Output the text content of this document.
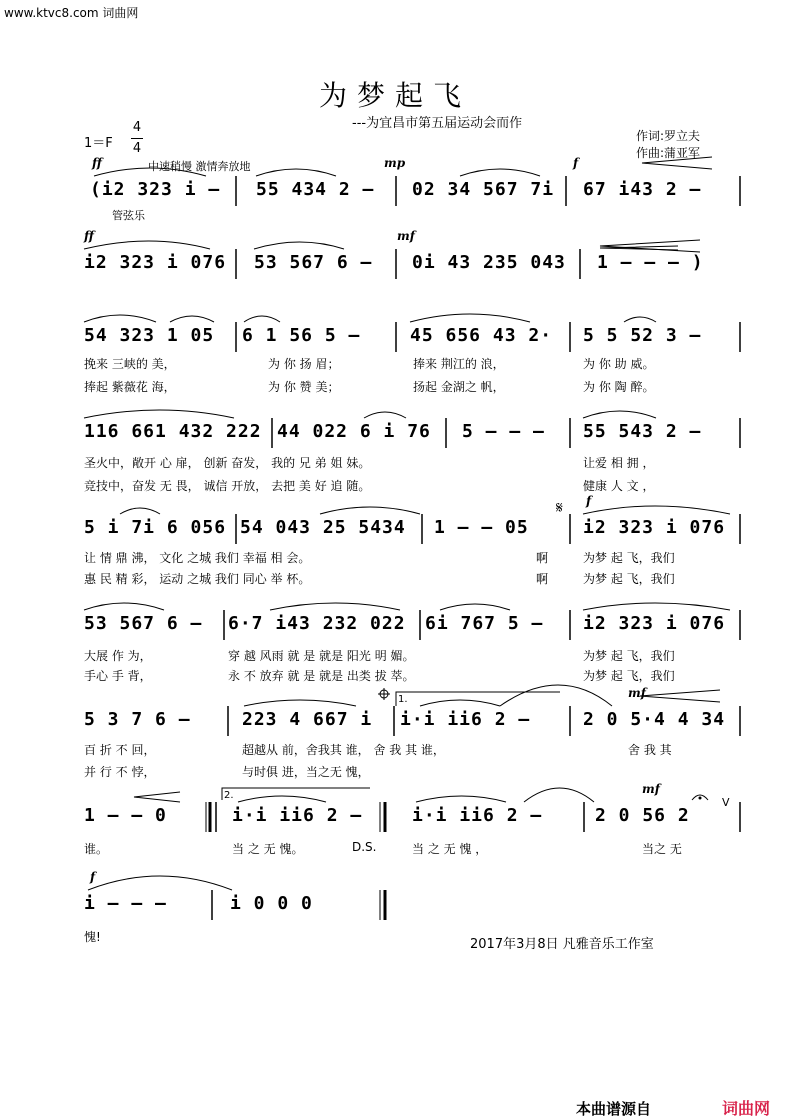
www.ktvc8.com 词曲网
为梦起飞
---为宜昌市第五届运动会而作
作词:罗立夫
作曲:蒲亚军
1＝F
4
4
中速稍慢 激情奔放地
管弦乐
ff	mp	f
(i2 323 i – 55 434 2 – 02 34 567 7i 67 i43 2 –
ff	mf
i2 323 i 076 53 567 6 – 0i 43 235 043 1 – – – )
54 323 1 05 6 1 56 5 –	45 656 43 2· 5 5 52 3 –
挽来 三峡的 美，	为 你 扬 眉；	捧来 荆江的 浪，	为 你 助 威。
捧起 紫薇花 海，	为 你 赞 美；	扬起 金湖之 帆，	为 你 陶 醉。
116 661 432 222 44 022 6 i 76 5 – – – 55 543 2 –
圣火中，敞开 心 扉， 创新 奋发， 我的 兄 弟 姐 妹。	让爱 相 拥 ，
竞技中，奋发 无 畏， 诚信 开放， 去把 美 好 追 随。	健康 人 文 ，
f
5 i 7i 6 056 54 043 25 5434 1 – – 05	i2 323 i 076
让 情 鼎 沸， 文化 之城 我们 幸福 相 会。	啊	为梦 起 飞，我们
惠 民 精 彩， 运动 之城 我们 同心 举 杯。	啊	为梦 起 飞，我们
53 567 6 – 6·7 i43 232 022 6i 767 5 – i2 323 i 076
大展 作 为，	穿 越 风雨 就 是 就是 阳光 明 媚。	为梦 起 飞，我们
手心 手 背，	永 不 放弃 就 是 就是 出类 拔 萃。	为梦 起 飞，我们
mf
5 3 7 6 –	223 4 667 i i·i ii6 2 –	2 0 5·4 4 34
百 折 不 回，	超越从 前，舍我其 谁， 舍 我 其 谁，	舍 我 其
并 行 不 悖，	与时俱 进，当之无 愧，
mf
1 – – 0	i·i ii6 2 –	i·i ii6 2 –	2 0 56 2
谁。	当 之 无 愧。	D.S.	当 之 无 愧 ，	当之 无
f
i – – –	i 0 0 0
愧!
1.
2.
𝄋
V
2017年3月8日 凡雅音乐工作室
本曲谱源自	词曲网
